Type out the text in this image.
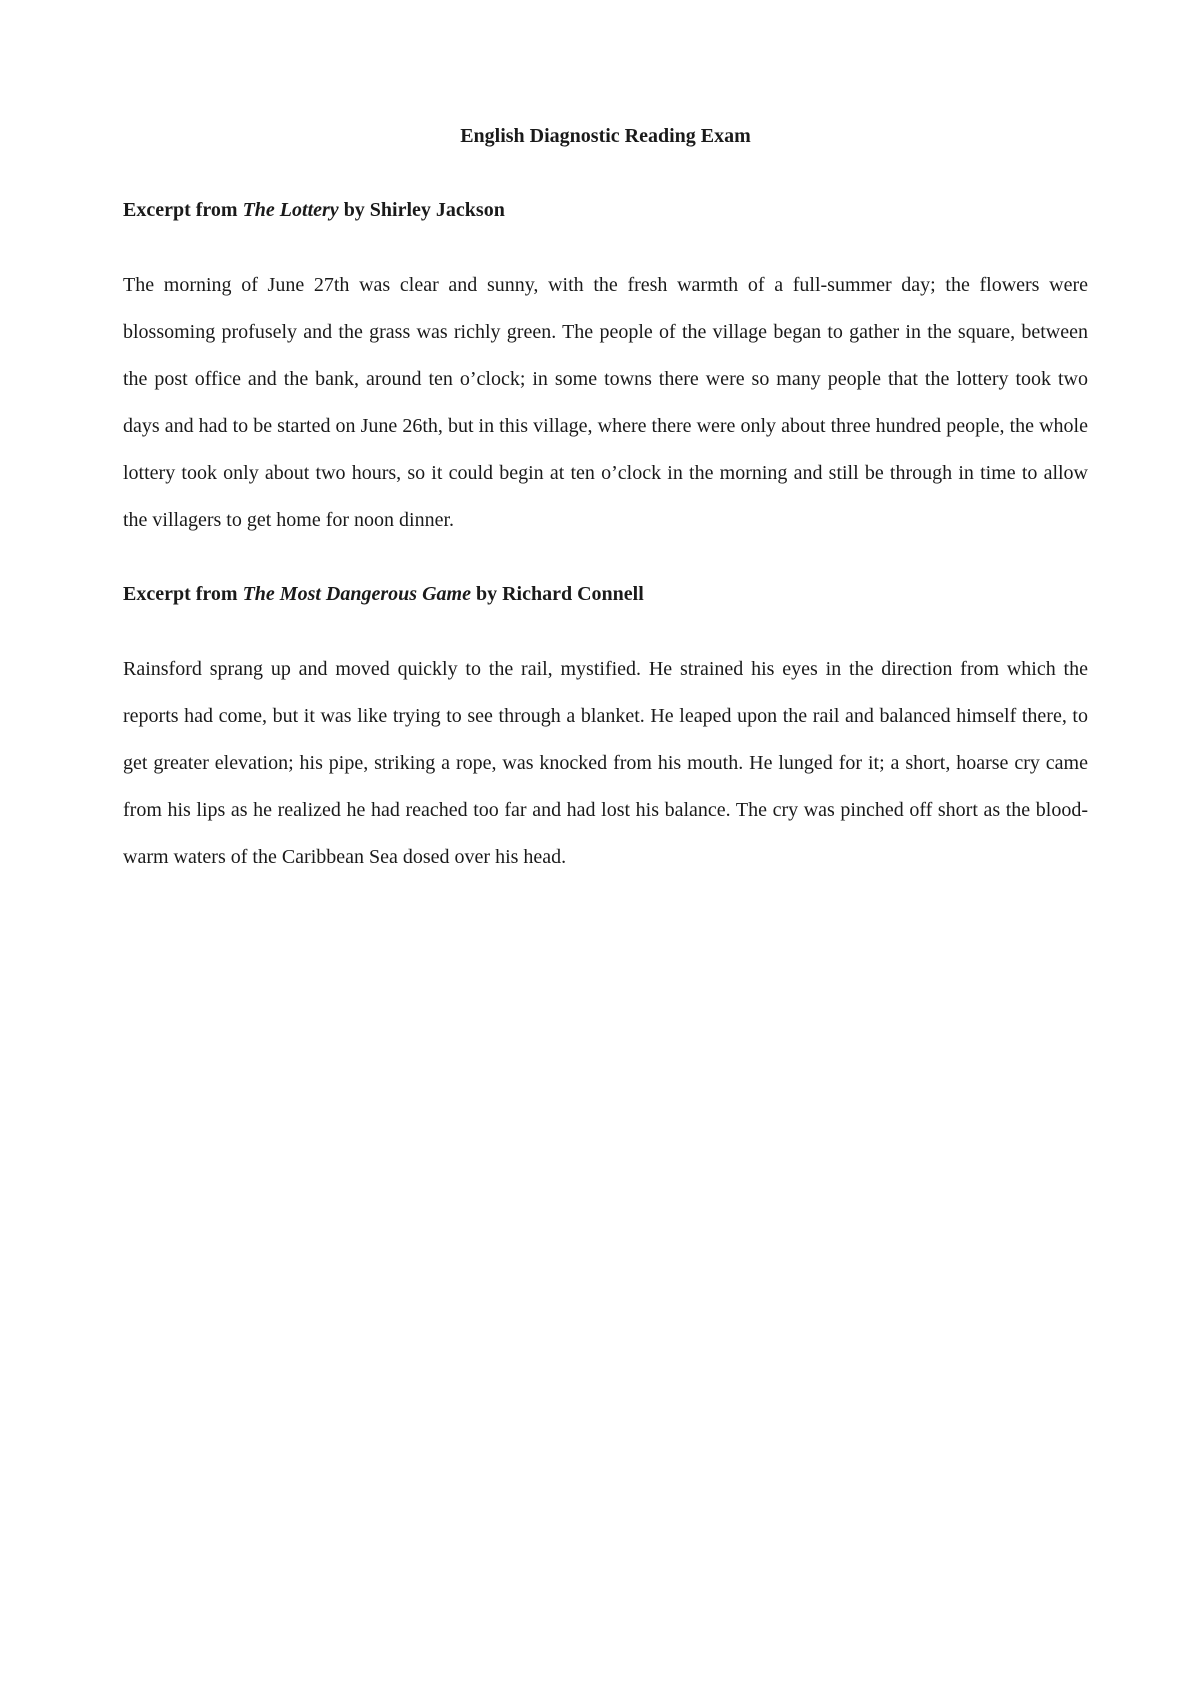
English Diagnostic Reading Exam
Excerpt from The Lottery by Shirley Jackson

The morning of June 27th was clear and sunny, with the fresh warmth of a full-summer day; the flowers were blossoming profusely and the grass was richly green. The people of the village began to gather in the square, between the post office and the bank, around ten o’clock; in some towns there were so many people that the lottery took two days and had to be started on June 26th, but in this village, where there were only about three hundred people, the whole lottery took only about two hours, so it could begin at ten o’clock in the morning and still be through in time to allow the villagers to get home for noon dinner.

Excerpt from The Most Dangerous Game by Richard Connell

Rainsford sprang up and moved quickly to the rail, mystified. He strained his eyes in the direction from which the reports had come, but it was like trying to see through a blanket. He leaped upon the rail and balanced himself there, to get greater elevation; his pipe, striking a rope, was knocked from his mouth. He lunged for it; a short, hoarse cry came from his lips as he realized he had reached too far and had lost his balance. The cry was pinched off short as the blood-warm waters of the Caribbean Sea dosed over his head.
